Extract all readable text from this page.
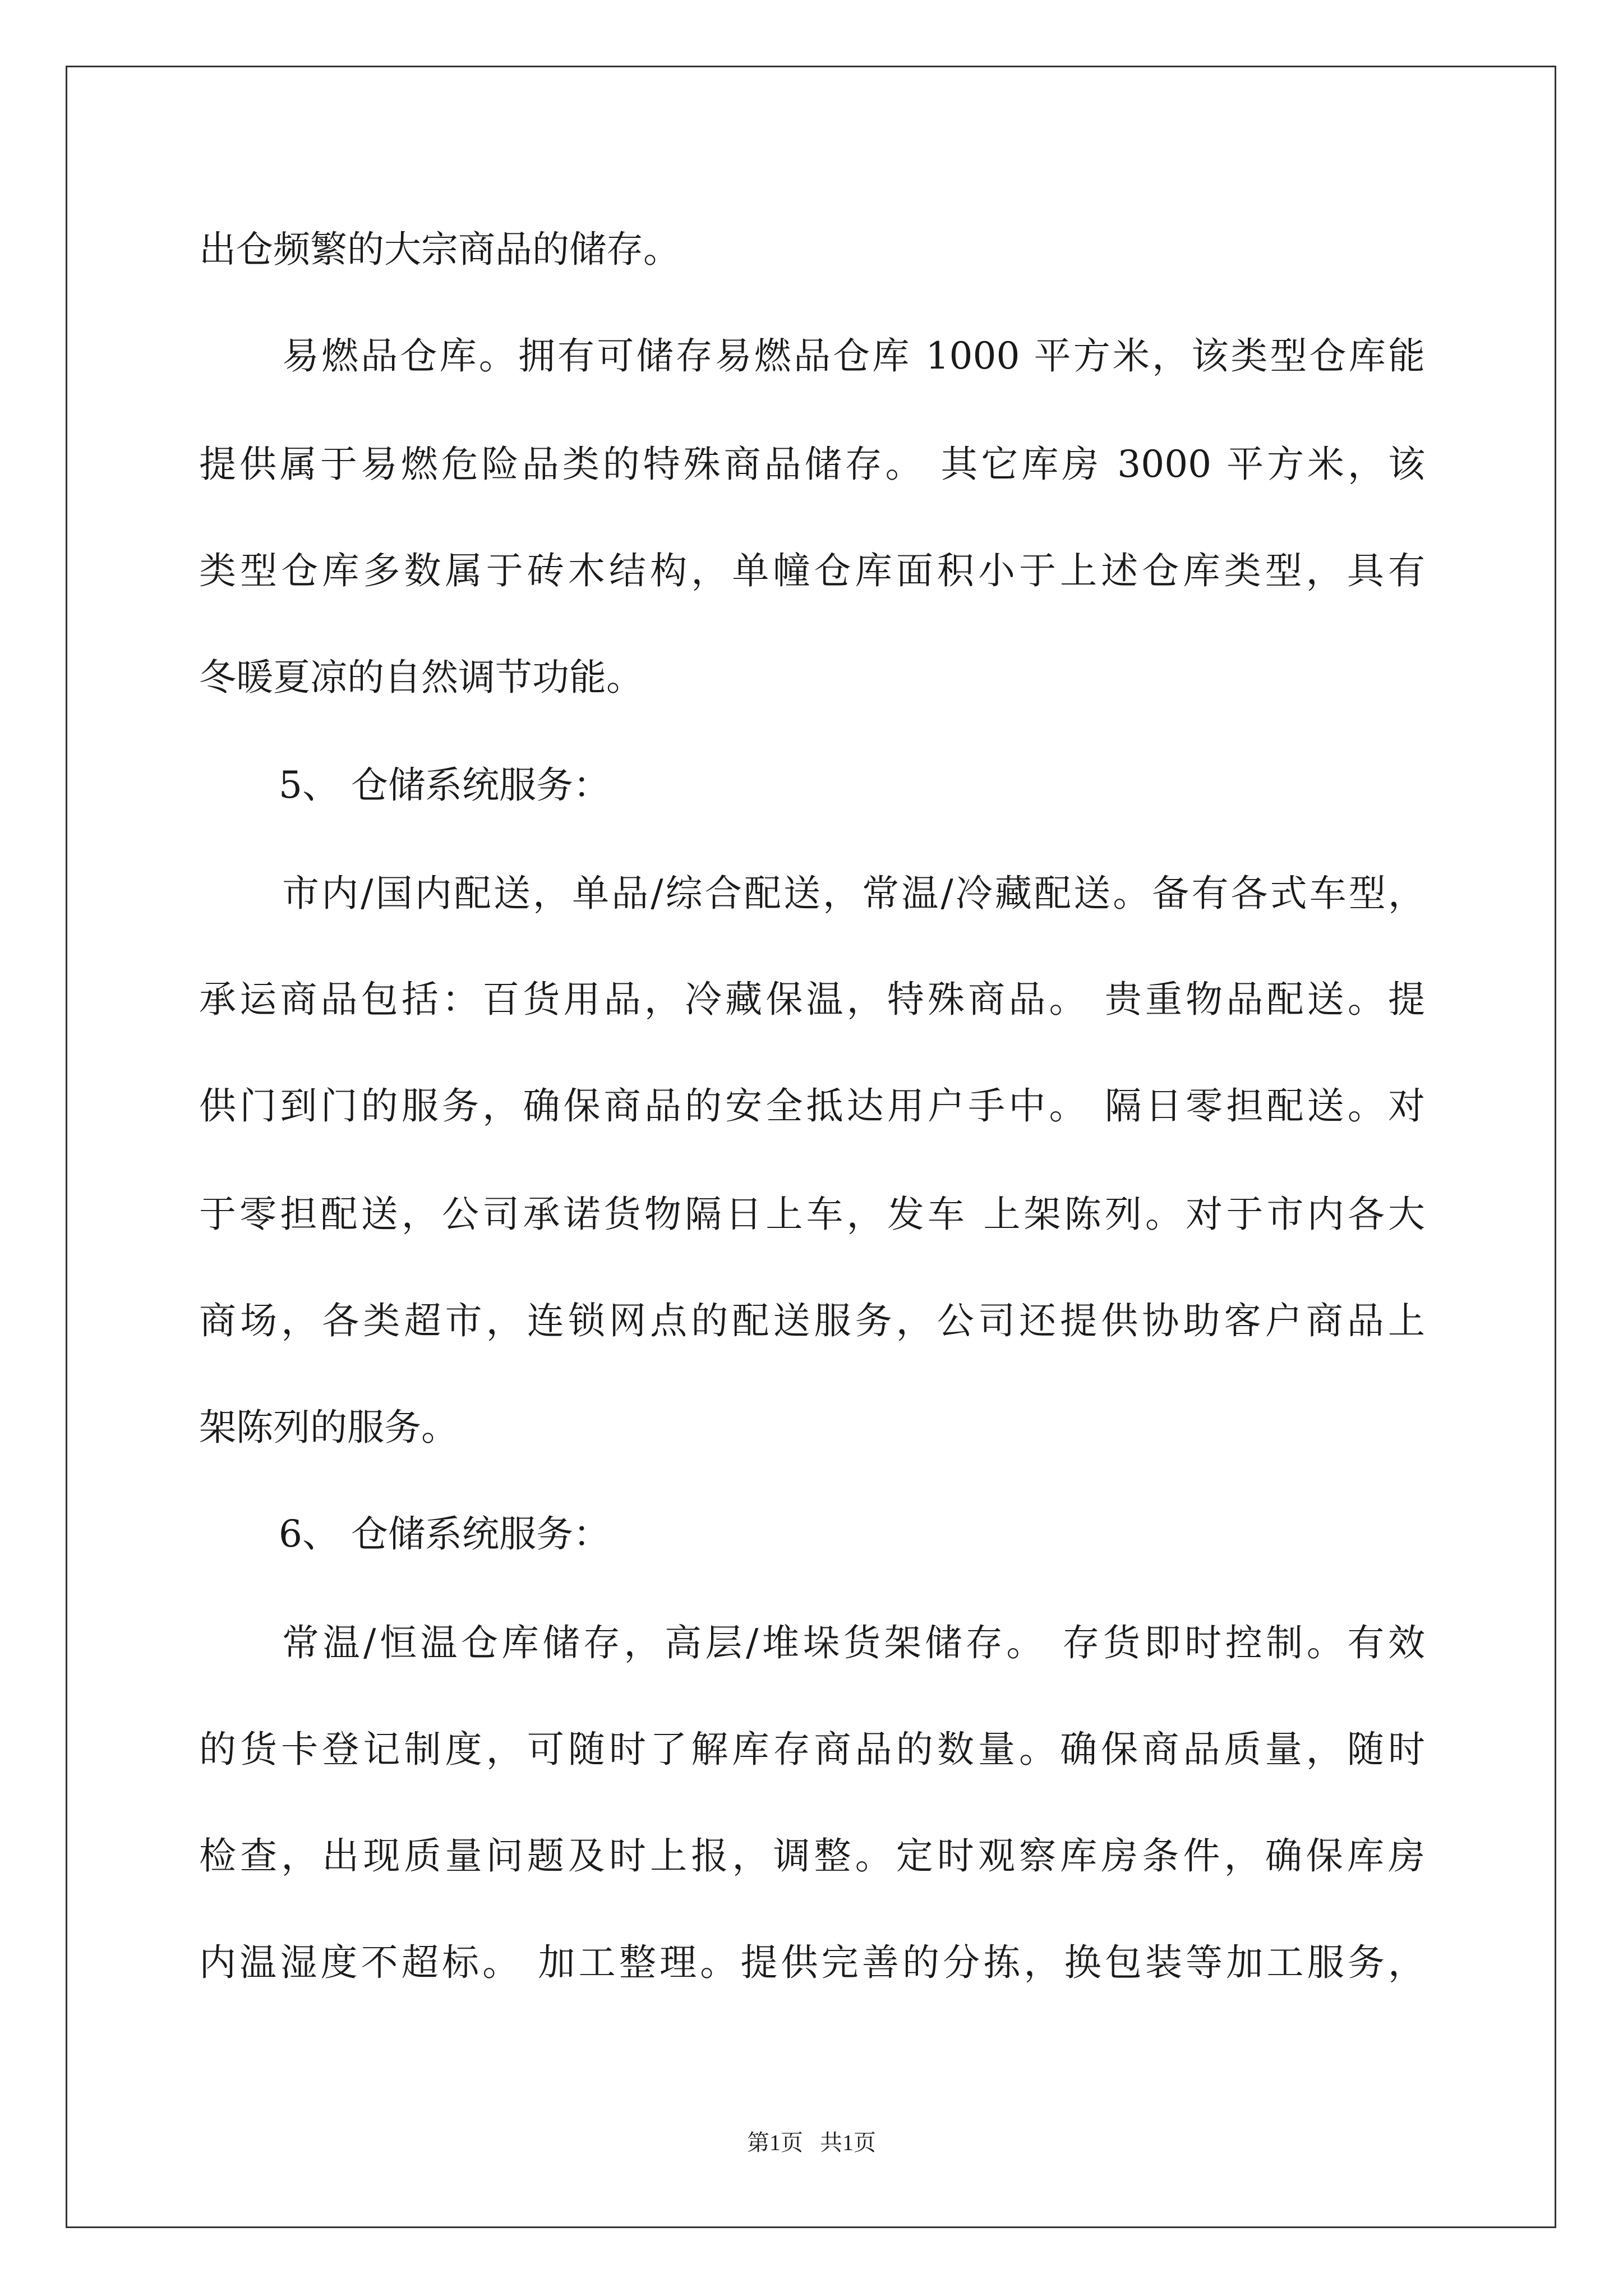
出仓频繁的大宗商品的储存。

易燃品仓库。拥有可储存易燃品仓库 1000 平方米，该类型仓库能

提供属于易燃危险品类的特殊商品储存。 其它库房 3000 平方米，该

类型仓库多数属于砖木结构，单幢仓库面积小于上述仓库类型，具有

冬暖夏凉的自然调节功能。

5、 仓储系统服务：

市内/国内配送，单品/综合配送，常温/冷藏配送。备有各式车型，

承运商品包括：百货用品，冷藏保温，特殊商品。 贵重物品配送。提

供门到门的服务，确保商品的安全抵达用户手中。 隔日零担配送。对

于零担配送，公司承诺货物隔日上车，发车 上架陈列。对于市内各大

商场，各类超市，连锁网点的配送服务，公司还提供协助客户商品上

架陈列的服务。

6、 仓储系统服务：

常温/恒温仓库储存，高层/堆垛货架储存。 存货即时控制。有效

的货卡登记制度，可随时了解库存商品的数量。确保商品质量，随时

检查，出现质量问题及时上报，调整。定时观察库房条件，确保库房

内温湿度不超标。 加工整理。提供完善的分拣，换包装等加工服务，

第1页   共1页
